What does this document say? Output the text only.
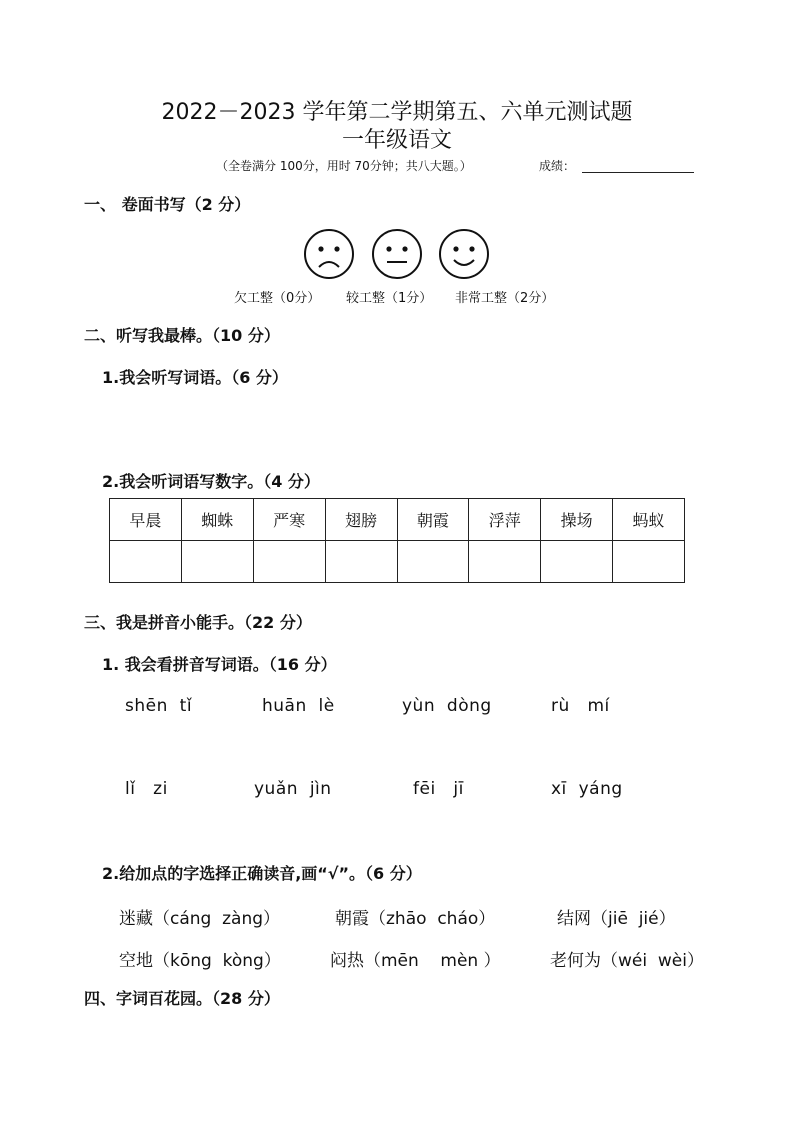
2022－2023 学年第二学期第五、六单元测试题
一年级语文
（全卷满分 100分，用时 70分钟；共八大题。）	成绩：
一、 卷面书写（2 分）
欠工整（0分） 较工整（1分） 非常工整（2分）
二、听写我最棒。（10 分）
1.我会听写词语。（6 分）
2.我会听词语写数字。（4 分）
早晨	蜘蛛	严寒	翅膀	朝霞	浮萍	操场	蚂蚁

三、我是拼音小能手。（22 分）
1. 我会看拼音写词语。（16 分）
shēn  tǐ	huān  lè	yùn  dòng	rù   mí
lǐ   zi	yuǎn  jìn	fēi   jī	xī  yáng
2.给加点的字选择正确读音,画“√”。（6 分）
迷藏（cáng  zàng）	朝霞（zhāo  cháo）	结网（jiē  jié）
空地（kōng  kòng）	闷热（mēn    mèn ）	老何为（wéi  wèi）
四、字词百花园。（28 分）
